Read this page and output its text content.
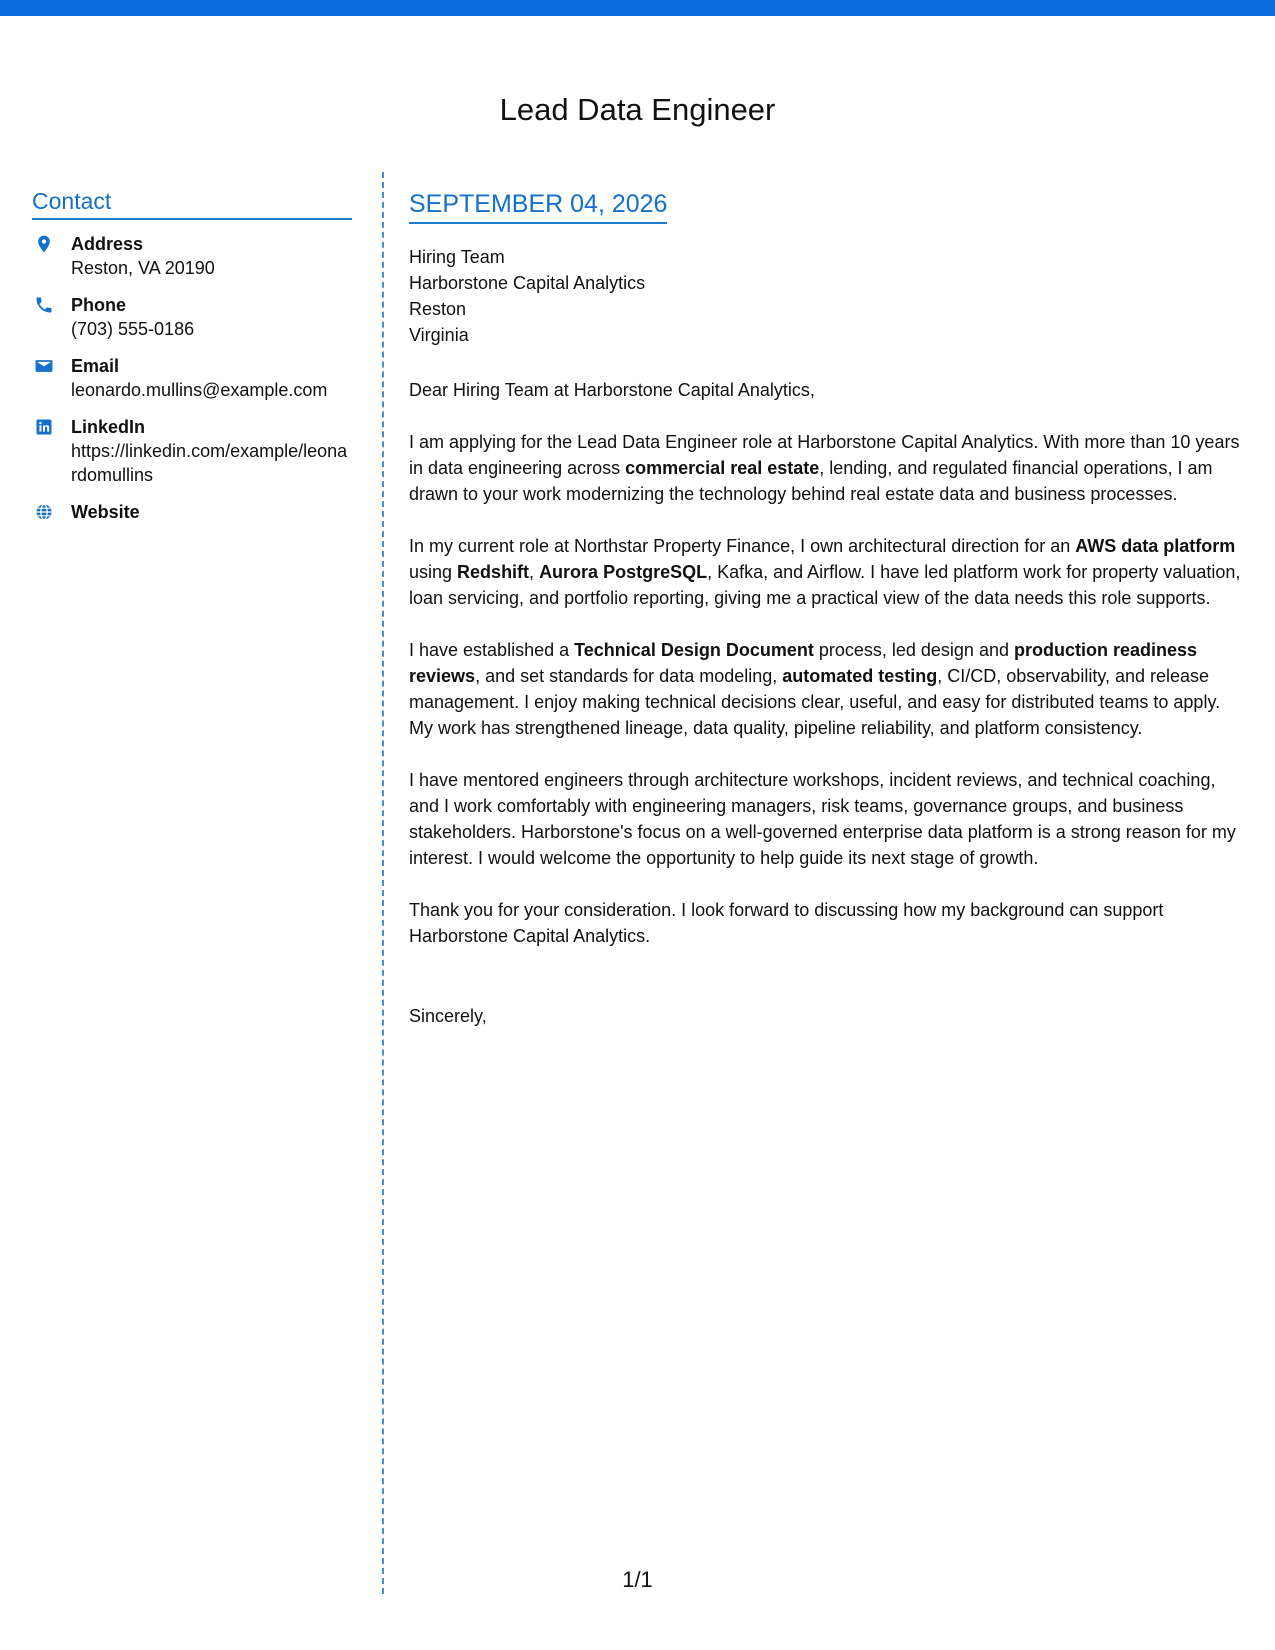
Lead Data Engineer
Contact
Address
Reston, VA 20190
Phone
(703) 555-0186
Email
leonardo.mullins@example.com
LinkedIn
https://linkedin.com/example/leonardomullins
Website
SEPTEMBER 04, 2026
Hiring Team
Harborstone Capital Analytics
Reston
Virginia
Dear Hiring Team at Harborstone Capital Analytics,

I am applying for the Lead Data Engineer role at Harborstone Capital Analytics. With more than 10 years in data engineering across commercial real estate, lending, and regulated financial operations, I am drawn to your work modernizing the technology behind real estate data and business processes.

In my current role at Northstar Property Finance, I own architectural direction for an AWS data platform using Redshift, Aurora PostgreSQL, Kafka, and Airflow. I have led platform work for property valuation, loan servicing, and portfolio reporting, giving me a practical view of the data needs this role supports.

I have established a Technical Design Document process, led design and production readiness reviews, and set standards for data modeling, automated testing, CI/CD, observability, and release management. I enjoy making technical decisions clear, useful, and easy for distributed teams to apply. My work has strengthened lineage, data quality, pipeline reliability, and platform consistency.

I have mentored engineers through architecture workshops, incident reviews, and technical coaching, and I work comfortably with engineering managers, risk teams, governance groups, and business stakeholders. Harborstone's focus on a well-governed enterprise data platform is a strong reason for my interest. I would welcome the opportunity to help guide its next stage of growth.

Thank you for your consideration. I look forward to discussing how my background can support Harborstone Capital Analytics.

Sincerely,
1/1
